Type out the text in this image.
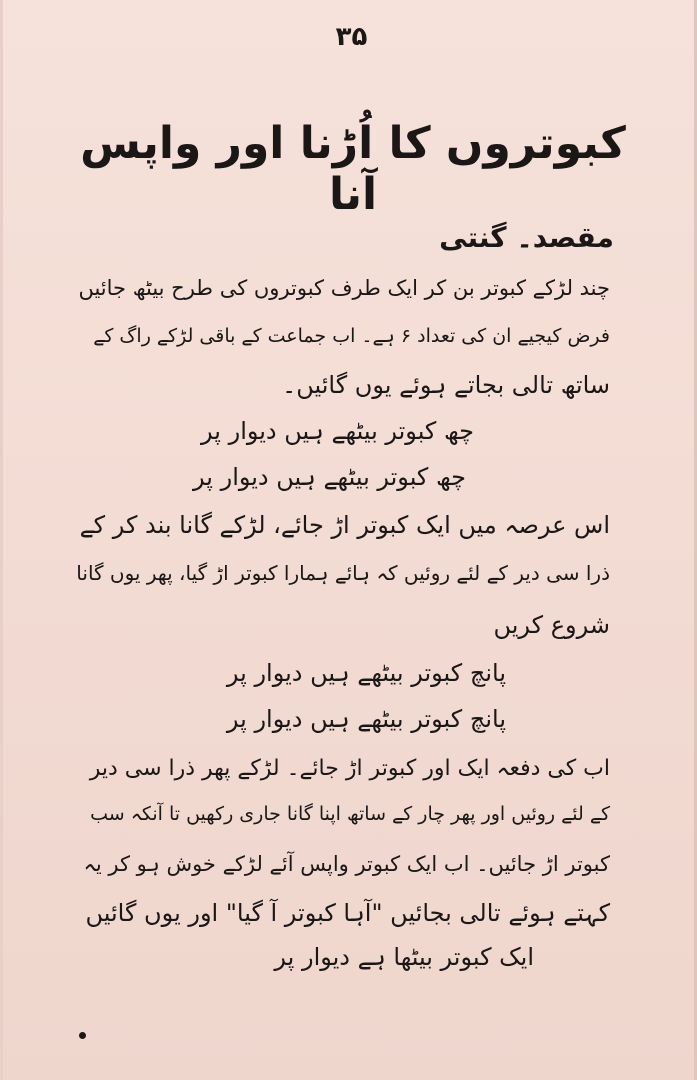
۳۵
کبوتروں کا اُڑنا اور واپس آنا
مقصد۔ گنتی
چند لڑکے کبوتر بن کر ایک طرف کبوتروں کی طرح بیٹھ جائیں
فرض کیجیے ان کی تعداد ۶ ہے۔ اب جماعت کے باقی لڑکے راگ کے
ساتھ تالی بجاتے ہوئے یوں گائیں۔
چھ کبوتر بیٹھے ہیں دیوار پر
چھ کبوتر بیٹھے ہیں دیوار پر
اس عرصہ میں ایک کبوتر اڑ جائے، لڑکے گانا بند کر کے
ذرا سی دیر کے لئے روئیں کہ ہائے ہمارا کبوتر اڑ گیا، پھر یوں گانا
شروع کریں
پانچ کبوتر بیٹھے ہیں دیوار پر
پانچ کبوتر بیٹھے ہیں دیوار پر
اب کی دفعہ ایک اور کبوتر اڑ جائے۔ لڑکے پھر ذرا سی دیر
کے لئے روئیں اور پھر چار کے ساتھ اپنا گانا جاری رکھیں تا آنکہ سب
کبوتر اڑ جائیں۔ اب ایک کبوتر واپس آئے لڑکے خوش ہو کر یہ
کہتے ہوئے تالی بجائیں "آہا کبوتر آ گیا" اور یوں گائیں
ایک کبوتر بیٹھا ہے دیوار پر
